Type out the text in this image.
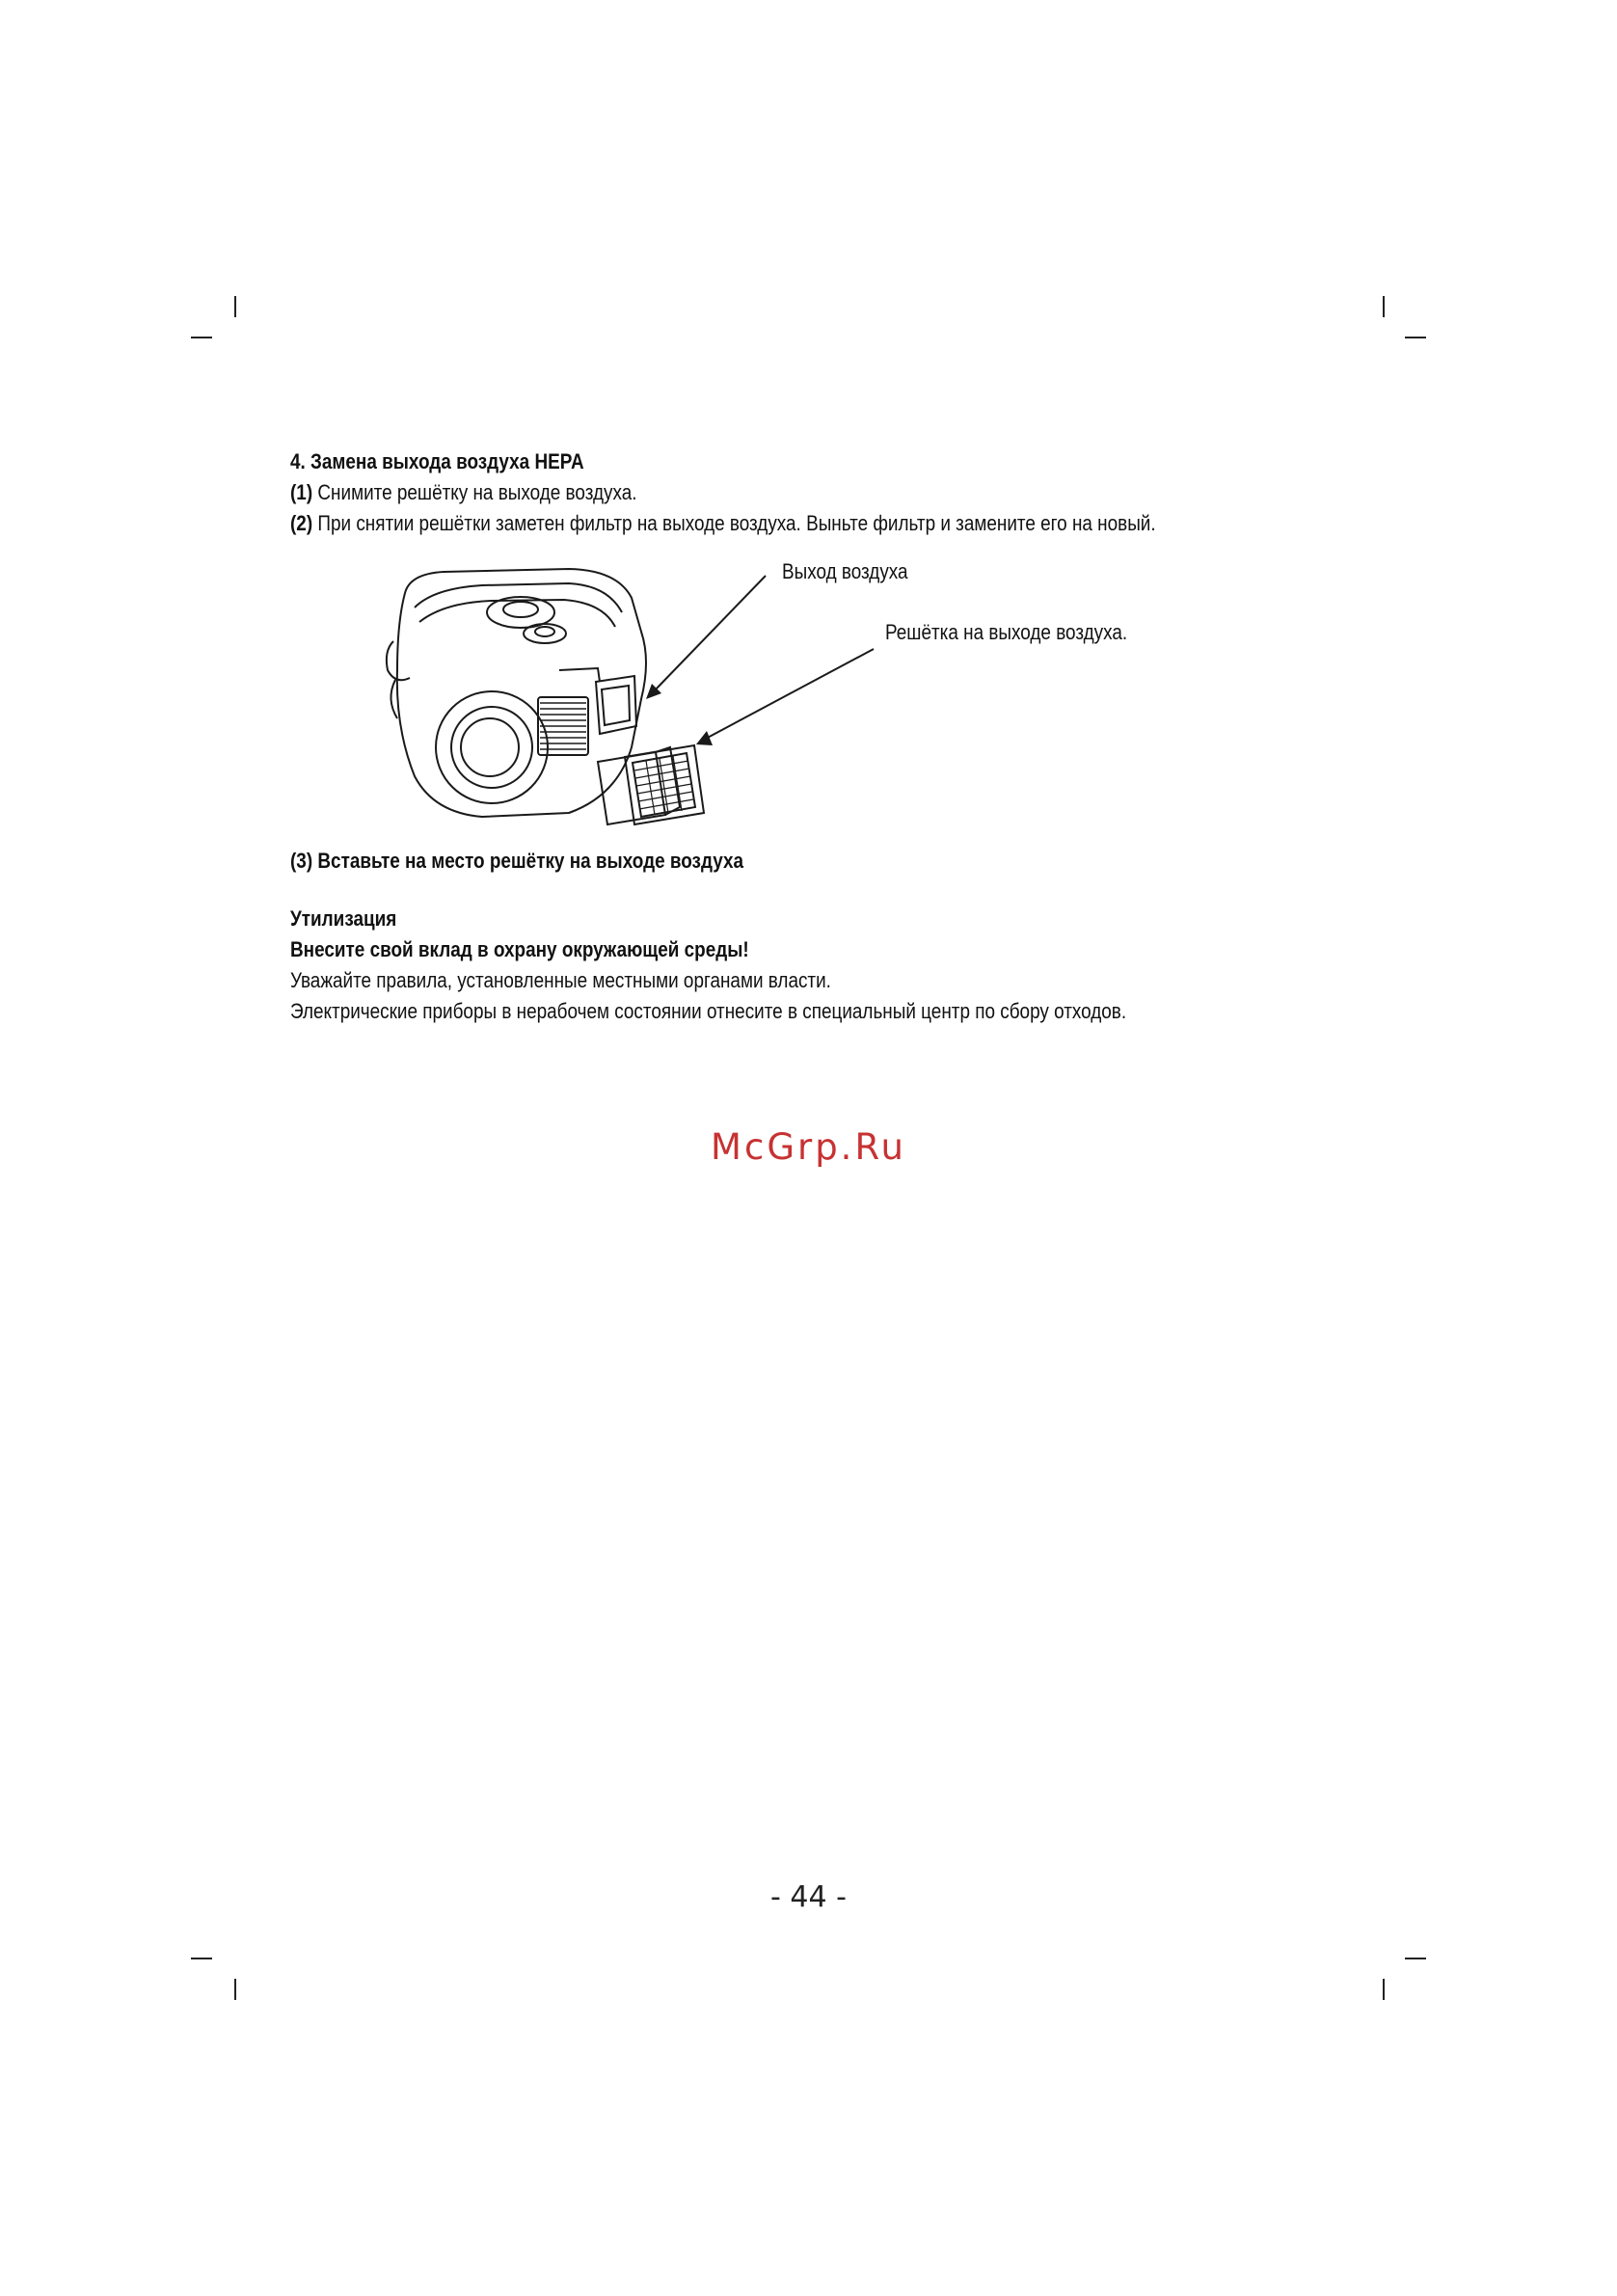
4. Замена выхода воздуха HEPA
(1) Снимите решётку на выходе воздуха.
(2) При снятии решётки заметен фильтр на выходе воздуха. Выньте фильтр и замените его на новый.
Выход воздуха
Решётка на выходе воздуха.
(3) Вставьте на место решётку на выходе воздуха
Утилизация
Внесите свой вклад в охрану окружающей среды!
Уважайте правила, установленные местными органами власти.
Электрические приборы в нерабочем состоянии отнесите в специальный центр по сбору отходов.
McGrp.Ru
- 44 -
